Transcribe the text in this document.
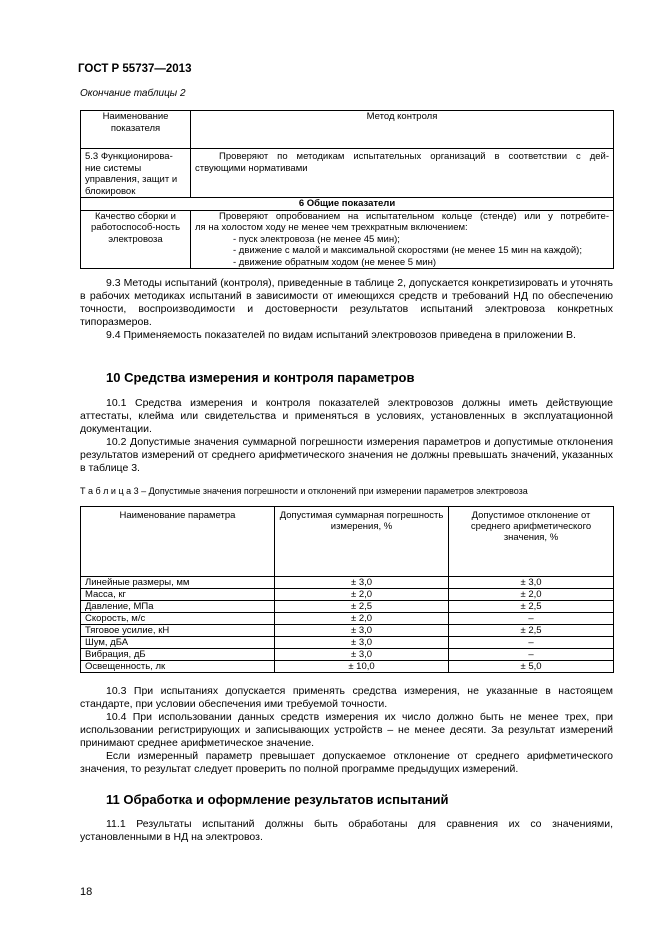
ГОСТ Р 55737—2013
Окончание таблицы 2
Наименование показателя	Метод контроля
5.3 Функционирова-ние системы управления, защит и блокировок	Проверяют по методикам испытательных организаций в соответствии с дей-
ствующими нормативами

6 Общие показатели	
Качество сборки и работоспособ-ность электровоза	Проверяют опробованием на испытательном кольце (стенде) или у потребите-
ля на холостом ходу не менее чем трехкратным включением:
- пуск электровоза (не менее 45 мин);
- движение с малой и максимальной скоростями (не менее 15 мин на каждой);
- движение обратным ходом (не менее 5 мин)

9.3 Методы испытаний (контроля), приведенные в таблице 2, допускается конкретизировать и уточнять в рабочих методиках испытаний в зависимости от имеющихся средств и требований НД по обеспечению точности, воспроизводимости и достоверности результатов испытаний электровоза конкретных типоразмеров.

9.4 Применяемость показателей по видам испытаний электровозов приведена в приложении В.

10 Средства измерения и контроля параметров

10.1 Средства измерения и контроля показателей электровозов должны иметь действующие аттестаты, клейма или свидетельства и применяться в условиях, установленных в эксплуатационной документации.

10.2 Допустимые значения суммарной погрешности измерения параметров и допустимые отклонения результатов измерений от среднего арифметического значения не должны превышать значений, указанных в таблице 3.

Т а б л и ц а 3 – Допустимые значения погрешности и отклонений при измерении параметров электровоза
Наименование параметра	Допустимая суммарная погрешность измерения, %	Допустимое отклонение от среднего арифметического значения, %
Линейные размеры, мм	± 3,0	± 3,0
Масса, кг	± 2,0	± 2,0
Давление, МПа	± 2,5	± 2,5
Скорость, м/с	± 2,0	–
Тяговое усилие, кН	± 3,0	± 2,5
Шум, дБА	± 3,0	–
Вибрация, дБ	± 3,0	–
Освещенность, лк	± 10,0	± 5,0

10.3 При испытаниях допускается применять средства измерения, не указанные в настоящем стандарте, при условии обеспечения ими требуемой точности.

10.4 При использовании данных средств измерения их число должно быть не менее трех, при использовании регистрирующих и записывающих устройств – не менее десяти. За результат измерений принимают среднее арифметическое значение.

Если измеренный параметр превышает допускаемое отклонение от среднего арифметического значения, то результат следует проверить по полной программе предыдущих измерений.

11 Обработка и оформление результатов испытаний

11.1 Результаты испытаний должны быть обработаны для сравнения их со значениями, установленными в НД на электровоз.

18
